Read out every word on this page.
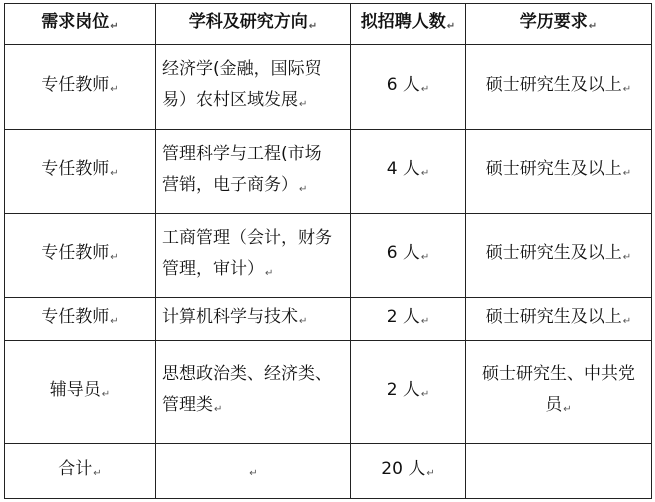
需求岗位 ↵	学科及研究方向 ↵	拟招聘人数 ↵	学历要求 ↵
专任教师 ↵	经济学(金融，国际贸
易）农村区域发展 ↵	6 人 ↵	硕士研究生及以上 ↵
专任教师 ↵	管理科学与工程(市场
营销，电子商务） ↵	4 人 ↵	硕士研究生及以上 ↵
专任教师 ↵	工商管理（会计，财务
管理，审计） ↵	6 人 ↵	硕士研究生及以上 ↵
专任教师 ↵	计算机科学与技术 ↵	2 人 ↵	硕士研究生及以上 ↵
辅导员 ↵	思想政治类、经济类、
管理类 ↵	2 人 ↵	硕士研究生、中共党
员 ↵
合计 ↵	↵	20 人 ↵	
